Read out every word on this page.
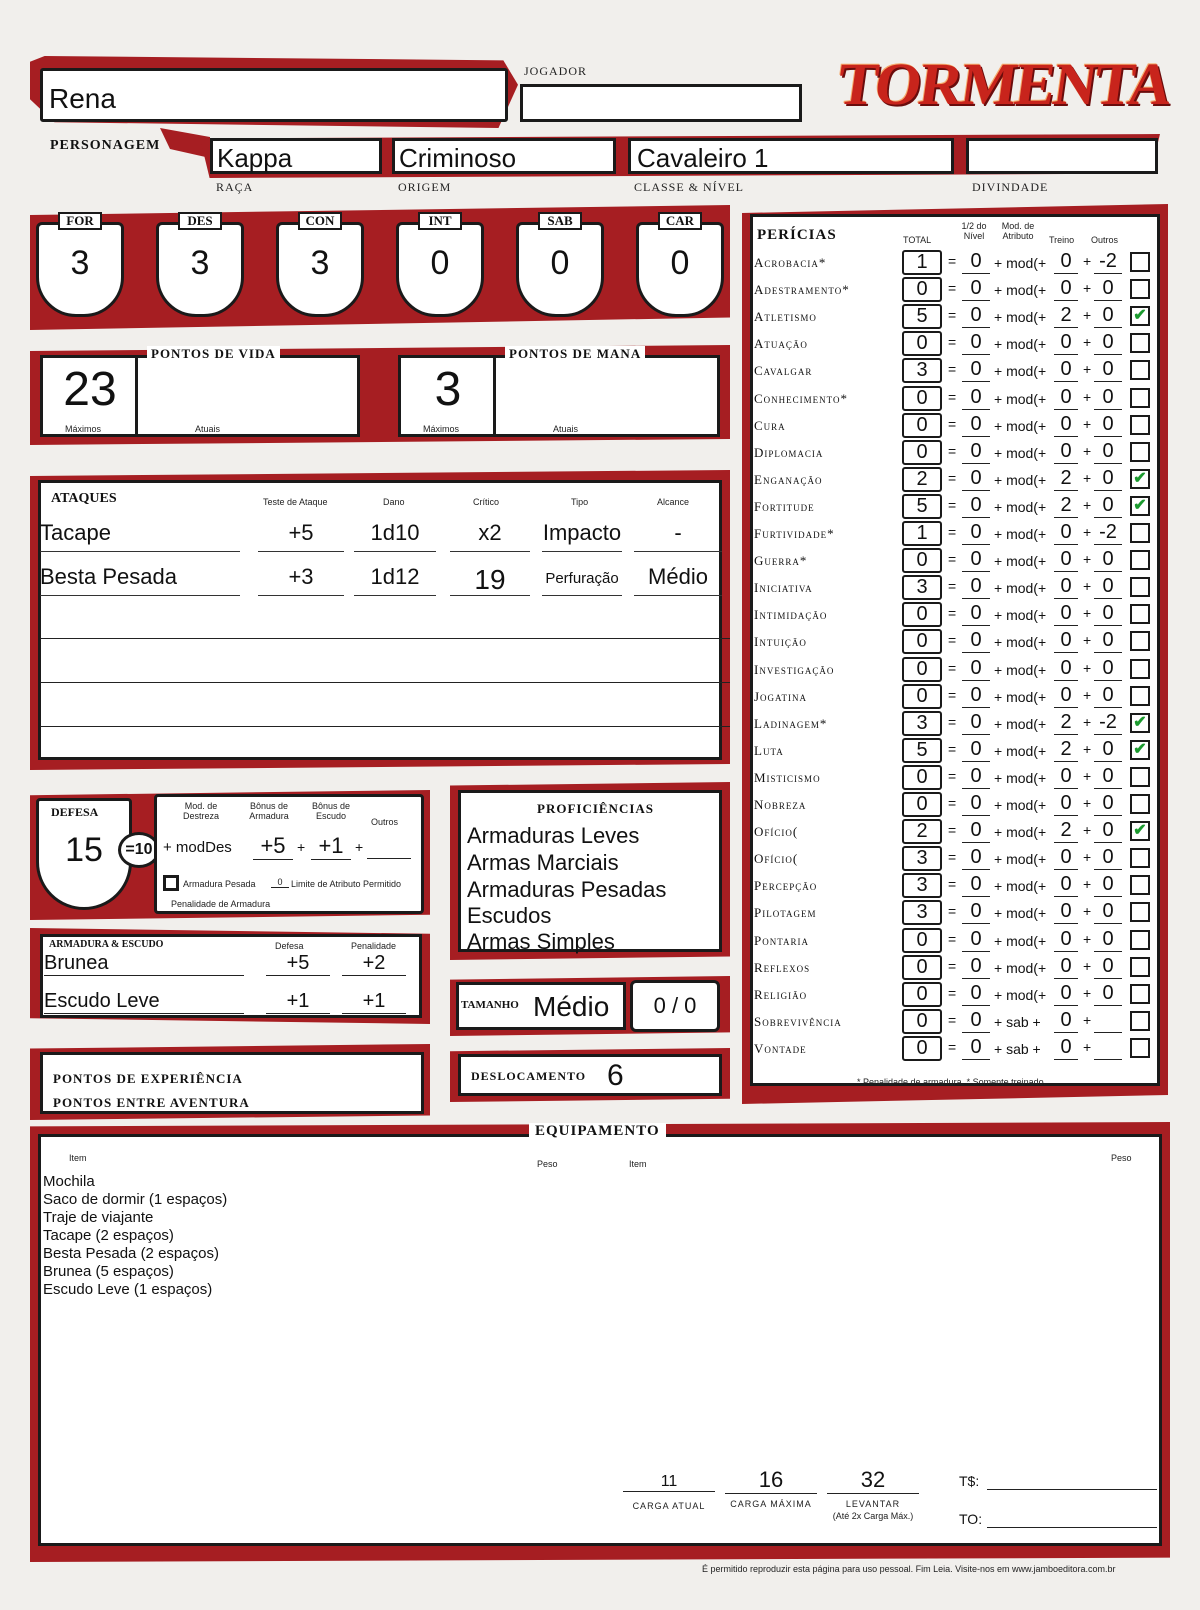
Rena
PERSONAGEM
JOGADOR	TORMENTA
Kappa	Criminoso	Cavaleiro 1
RAÇA	ORIGEM	CLASSE & NÍVEL	DIVINDADE
FOR
3
DES
3
CON
3
INT
0
SAB
0
CAR
0
PONTOS DE VIDA
23
Máximos	Atuais
PONTOS DE MANA
3
Máximos	Atuais
ATAQUES	Teste de Ataque	Dano	Crítico	Tipo	Alcance
Tacape	+5	1d10	x2	Impacto	-
Besta Pesada	+3	1d12	19	Perfuração	Médio
DEFESA
15	=10
Mod. de Destreza
Bônus de Armadura
Bônus de Escudo
Outros
+ modDes	+5 + +1 +
Armadura Pesada	0 Limite de Atributo Permitido
Penalidade de Armadura
ARMADURA & ESCUDO	Defesa	Penalidade
Brunea	+5	+2
Escudo Leve	+1	+1
PROFICIÊNCIAS
Armaduras Leves
Armas Marciais
Armaduras Pesadas
Escudos
Armas Simples
TAMANHO Médio	0 / 0
DESLOCAMENTO 6
PONTOS DE EXPERIÊNCIA
PONTOS ENTRE AVENTURA
PERÍCIAS	TOTAL
1/2 do Nível
Mod. de Atributo	Treino Outros
* Penalidade de armadura. * Somente treinado.
Acrobacia*	1	= 0 + mod(+ 0 + -2
Adestramento*	0	= 0 + mod(+ 0 + 0
Atletismo	5	= 0 + mod(+ 2 + 0	✔
Atuação	0	= 0 + mod(+ 0 + 0
Cavalgar	3	= 0 + mod(+ 0 + 0
Conhecimento*	0	= 0 + mod(+ 0 + 0
Cura	0	= 0 + mod(+ 0 + 0
Diplomacia	0	= 0 + mod(+ 0 + 0
Enganação	2	= 0 + mod(+ 2 + 0	✔
Fortitude	5	= 0 + mod(+ 2 + 0	✔
Furtividade*	1	= 0 + mod(+ 0 + -2
Guerra*	0	= 0 + mod(+ 0 + 0
Iniciativa	3	= 0 + mod(+ 0 + 0
Intimidação	0	= 0 + mod(+ 0 + 0
Intuição	0	= 0 + mod(+ 0 + 0
Investigação	0	= 0 + mod(+ 0 + 0
Jogatina	0	= 0 + mod(+ 0 + 0
Ladinagem*	3	= 0 + mod(+ 2 + -2	✔
Luta	5	= 0 + mod(+ 2 + 0	✔
Misticismo	0	= 0 + mod(+ 0 + 0
Nobreza	0	= 0 + mod(+ 0 + 0
Ofício(	2	= 0 + mod(+ 2 + 0	✔
Ofício(	3	= 0 + mod(+ 0 + 0
Percepção	3	= 0 + mod(+ 0 + 0
Pilotagem	3	= 0 + mod(+ 0 + 0
Pontaria	0	= 0 + mod(+ 0 + 0
Reflexos	0	= 0 + mod(+ 0 + 0
Religião	0	= 0 + mod(+ 0 + 0
Sobrevivência	0	= 0 + sab + 0 +
Vontade	0	= 0 + sab + 0 +
EQUIPAMENTO
Item
Peso	Item
Peso
Mochila
Saco de dormir (1 espaços)
Traje de viajante
Tacape (2 espaços)
Besta Pesada (2 espaços)
Brunea (5 espaços)
Escudo Leve (1 espaços)
11
CARGA ATUAL
16
CARGA MÁXIMA
32
LEVANTAR
(Até 2x Carga Máx.)
T$:
TO:
É permitido reproduzir esta página para uso pessoal. Fim Leia. Visite-nos em www.jamboeditora.com.br
